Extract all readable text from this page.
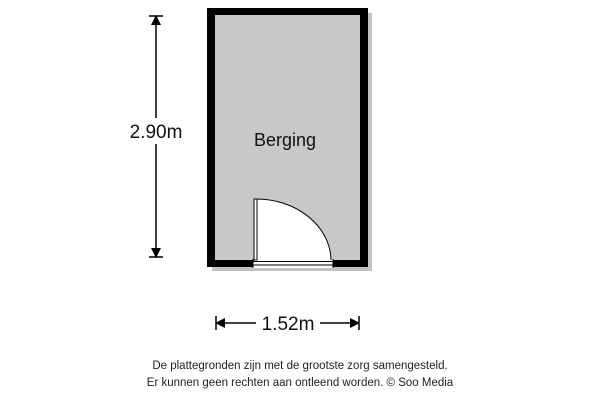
Berging
2.90m
1.52m
De plattegronden zijn met de grootste zorg samengesteld.
Er kunnen geen rechten aan ontleend worden. © Soo Media
